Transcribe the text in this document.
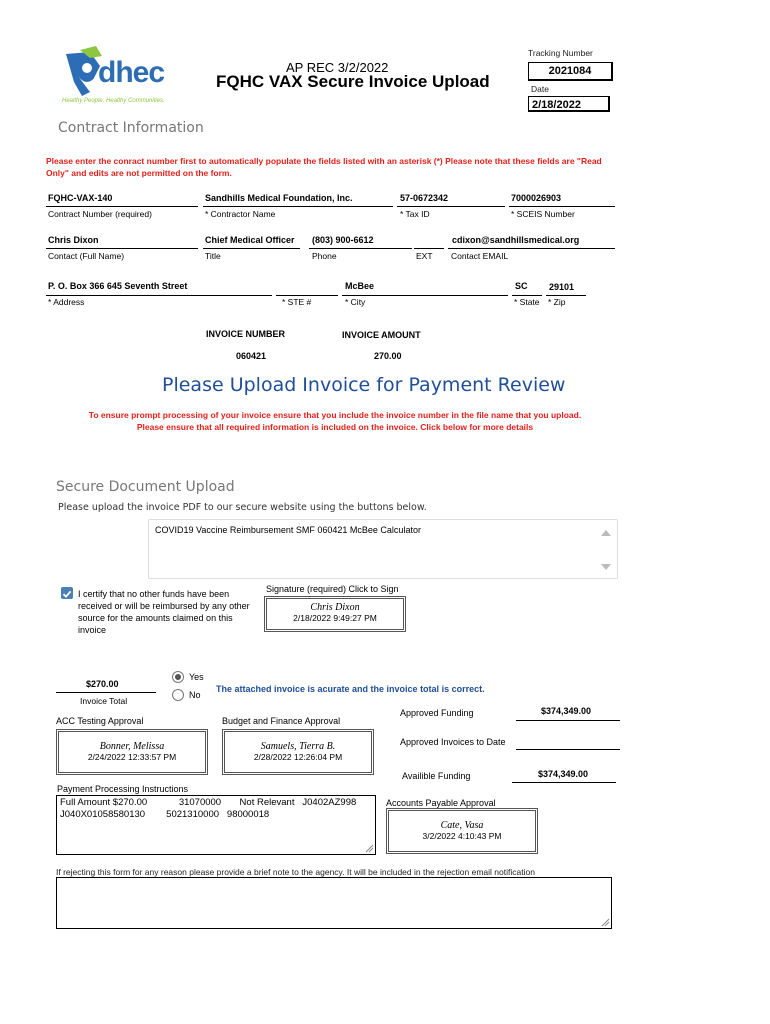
dhec
Healthy People. Healthy Communities.
AP REC 3/2/2022
FQHC VAX Secure Invoice Upload
Tracking Number
2021084
Date
2/18/2022
Contract Information
Please enter the conract number first to automatically populate the fields listed with an asterisk (*) Please note that these fields are "Read Only" and edits are not permitted on the form.
FQHC-VAX-140
Contract Number (required)
Sandhills Medical Foundation, Inc.
* Contractor Name
57-0672342
* Tax ID
7000026903
* SCEIS Number
Chris Dixon
Contact (Full Name)
Chief Medical Officer
Title
(803) 900-6612
Phone	EXT
cdixon@sandhillsmedical.org
Contact EMAIL
P. O. Box 366 645 Seventh Street
* Address	* STE #
McBee
* City
SC
* State
29101
* Zip
INVOICE NUMBER
060421
INVOICE AMOUNT
270.00
Please Upload Invoice for Payment Review
To ensure prompt processing of your invoice ensure that you include the invoice number in the file name that you upload.
Please ensure that all required information is included on the invoice. Click below for more details
Secure Document Upload
Please upload the invoice PDF to our secure website using the buttons below.
COVID19 Vaccine Reimbursement SMF 060421 McBee Calculator
I certify that no other funds have been received or will be reimbursed by any other source for the amounts claimed on this invoice
Signature (required) Click to Sign
Chris Dixon
2/18/2022 9:49:27 PM
$270.00
Invoice Total
Yes
No
The attached invoice is acurate and the invoice total is correct.
Approved Funding	$374,349.00
ACC Testing Approval	Budget and Finance Approval
Bonner, Melissa
2/24/2022 12:33:57 PM
Samuels, Tierra B.
2/28/2022 12:26:04 PM
Approved Invoices to Date
Availible Funding	$374,349.00
Payment Processing Instructions
Full Amount $270.00            31070000       Not Relevant   J0402AZ998
J040X01058580130        5021310000   98000018
Accounts Payable Approval
Cate, Vasa
3/2/2022 4:10:43 PM
If rejecting this form for any reason please provide a brief note to the agency. It will be included in the rejection email notification
